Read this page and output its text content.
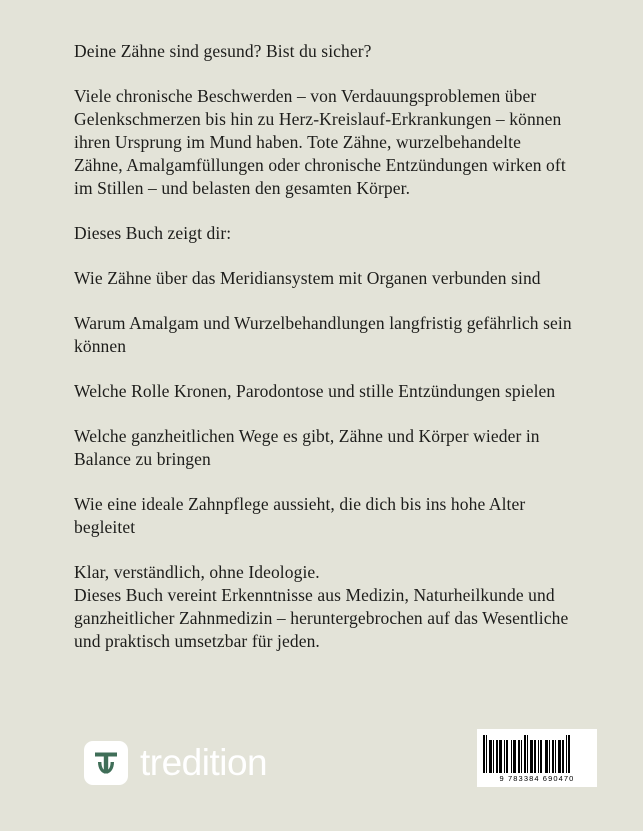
Deine Zähne sind gesund? Bist du sicher?

Viele chronische Beschwerden – von Verdauungsproblemen über Gelenkschmerzen bis hin zu Herz-Kreislauf-Erkrankungen – können ihren Ursprung im Mund haben. Tote Zähne, wurzelbehandelte Zähne, Amalgamfüllungen oder chronische Entzündungen wirken oft im Stillen – und belasten den gesamten Körper.

Dieses Buch zeigt dir:

Wie Zähne über das Meridiansystem mit Organen verbunden sind

Warum Amalgam und Wurzelbehandlungen langfristig gefährlich sein können

Welche Rolle Kronen, Parodontose und stille Entzündungen spielen

Welche ganzheitlichen Wege es gibt, Zähne und Körper wieder in Balance zu bringen

Wie eine ideale Zahnpflege aussieht, die dich bis ins hohe Alter begleitet

Klar, verständlich, ohne Ideologie.

Dieses Buch vereint Erkenntnisse aus Medizin, Naturheilkunde und ganzheitlicher Zahnmedizin – heruntergebrochen auf das Wesentliche und praktisch umsetzbar für jeden.

tredition	9 783384 690470
